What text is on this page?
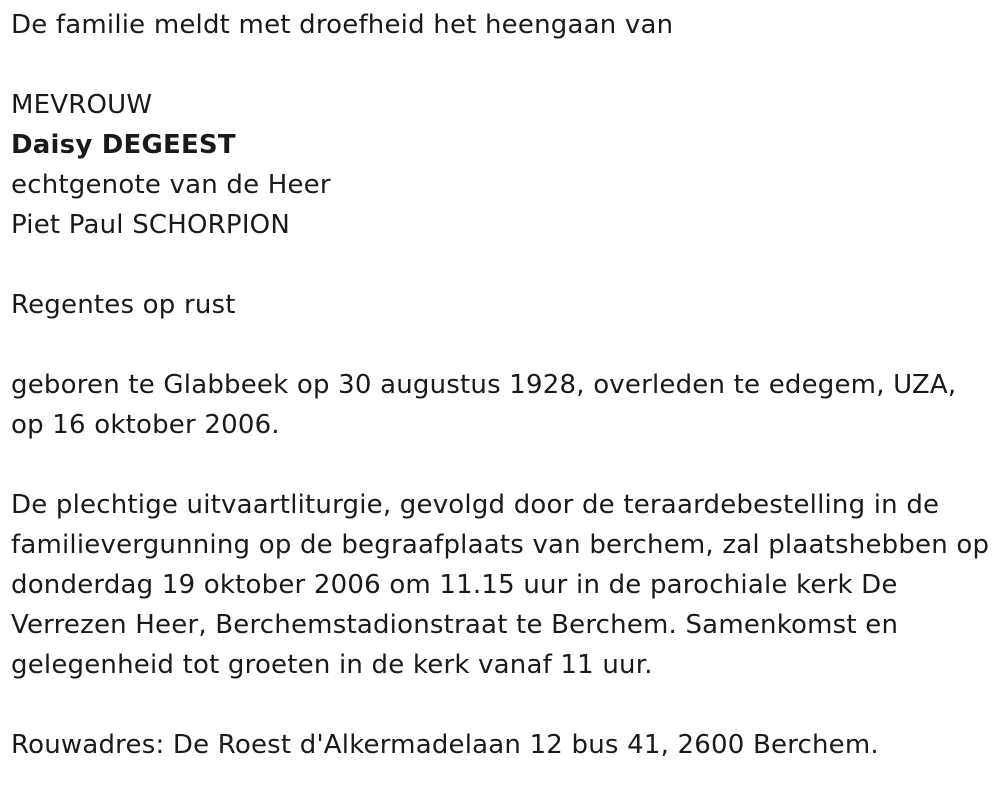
De familie meldt met droefheid het heengaan van
MEVROUW
Daisy DEGEEST
echtgenote van de Heer
Piet Paul SCHORPION
Regentes op rust
geboren te Glabbeek op 30 augustus 1928, overleden te edegem, UZA, op 16 oktober 2006.
De plechtige uitvaartliturgie, gevolgd door de teraardebestelling in de familievergunning op de begraafplaats van berchem, zal plaatshebben op donderdag 19 oktober 2006 om 11.15 uur in de parochiale kerk De Verrezen Heer, Berchemstadionstraat te Berchem. Samenkomst en gelegenheid tot groeten in de kerk vanaf 11 uur.
Rouwadres: De Roest d'Alkermadelaan 12 bus 41, 2600 Berchem.
